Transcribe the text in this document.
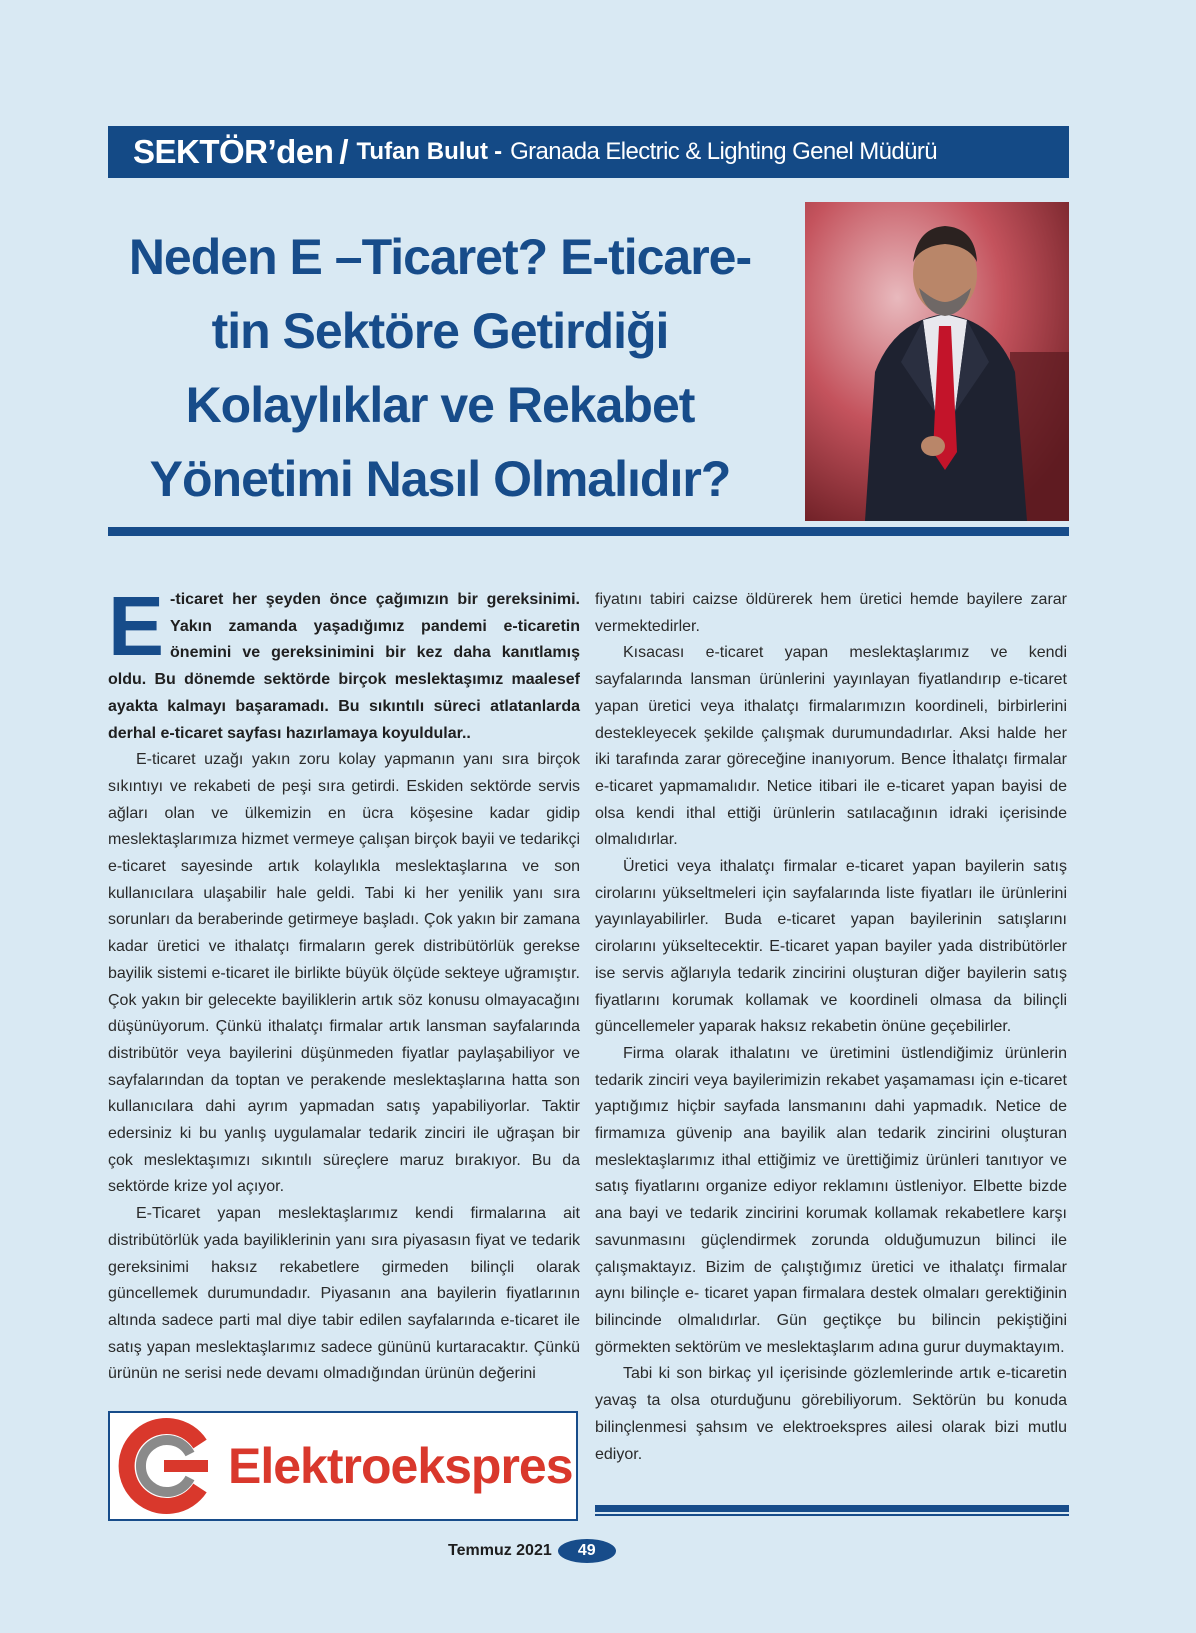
SEKTÖR’den / Tufan Bulut - Granada Electric & Lighting Genel Müdürü
Neden E –Ticaret? E-ticare-
tin Sektöre Getirdiği
Kolaylıklar ve Rekabet
Yönetimi Nasıl Olmalıdır?

E -ticaret her şeyden önce çağımızın bir gereksinimi. Yakın zamanda yaşadığımız pandemi e-ticaretin önemini ve gereksinimini bir kez daha kanıtlamış oldu. Bu dönemde sektörde birçok meslektaşımız maalesef ayakta kalmayı başaramadı. Bu sıkıntılı süreci atlatanlarda derhal e-ticaret sayfası hazırlamaya koyuldular..

E-ticaret uzağı yakın zoru kolay yapmanın yanı sıra birçok sıkıntıyı ve rekabeti de peşi sıra getirdi. Eskiden sektörde servis ağları olan ve ülkemizin en ücra köşesine kadar gidip meslektaşlarımıza hizmet vermeye çalışan birçok bayii ve tedarikçi e-ticaret sayesinde artık kolaylıkla meslektaşlarına ve son kullanıcılara ulaşabilir hale geldi. Tabi ki her yenilik yanı sıra sorunları da beraberinde getirmeye başladı. Çok yakın bir zamana kadar üretici ve ithalatçı firmaların gerek distribütörlük gerekse bayilik sistemi e-ticaret ile birlikte büyük ölçüde sekteye uğramıştır. Çok yakın bir gelecekte bayiliklerin artık söz konusu olmayacağını düşünüyorum. Çünkü ithalatçı firmalar artık lansman sayfalarında distribütör veya bayilerini düşünmeden fiyatlar paylaşabiliyor ve sayfalarından da toptan ve perakende meslektaşlarına hatta son kullanıcılara dahi ayrım yapmadan satış yapabiliyorlar. Taktir edersiniz ki bu yanlış uygulamalar tedarik zinciri ile uğraşan bir çok meslektaşımızı sıkıntılı süreçlere maruz bırakıyor. Bu da sektörde krize yol açıyor.

E-Ticaret yapan meslektaşlarımız kendi firmalarına ait distribütörlük yada bayiliklerinin yanı sıra piyasasın fiyat ve tedarik gereksinimi haksız rekabetlere girmeden bilinçli olarak güncellemek durumundadır. Piyasanın ana bayilerin fiyatlarının altında sadece parti mal diye tabir edilen sayfalarında e-ticaret ile satış yapan meslektaşlarımız sadece gününü kurtaracaktır. Çünkü ürünün ne serisi nede devamı olmadığından ürünün değerini

Elektroekspres

fiyatını tabiri caizse öldürerek hem üretici hemde bayilere zarar vermektedirler.

Kısacası e-ticaret yapan meslektaşlarımız ve kendi sayfalarında lansman ürünlerini yayınlayan fiyatlandırıp e-ticaret yapan üretici veya ithalatçı firmalarımızın koordineli, birbirlerini destekleyecek şekilde çalışmak durumundadırlar. Aksi halde her iki tarafında zarar göreceğine inanıyorum. Bence İthalatçı firmalar e-ticaret yapmamalıdır. Netice itibari ile e-ticaret yapan bayisi de olsa kendi ithal ettiği ürünlerin satılacağının idraki içerisinde olmalıdırlar.

Üretici veya ithalatçı firmalar e-ticaret yapan bayilerin satış cirolarını yükseltmeleri için sayfalarında liste fiyatları ile ürünlerini yayınlayabilirler. Buda e-ticaret yapan bayilerinin satışlarını cirolarını yükseltecektir. E-ticaret yapan bayiler yada distribütörler ise servis ağlarıyla tedarik zincirini oluşturan diğer bayilerin satış fiyatlarını korumak kollamak ve koordineli olmasa da bilinçli güncellemeler yaparak haksız rekabetin önüne geçebilirler.

Firma olarak ithalatını ve üretimini üstlendiğimiz ürünlerin tedarik zinciri veya bayilerimizin rekabet yaşamaması için e-ticaret yaptığımız hiçbir sayfada lansmanını dahi yapmadık. Netice de firmamıza güvenip ana bayilik alan tedarik zincirini oluşturan meslektaşlarımız ithal ettiğimiz ve ürettiğimiz ürünleri tanıtıyor ve satış fiyatlarını organize ediyor reklamını üstleniyor. Elbette bizde ana bayi ve tedarik zincirini korumak kollamak rekabetlere karşı savunmasını güçlendirmek zorunda olduğumuzun bilinci ile çalışmaktayız. Bizim de çalıştığımız üretici ve ithalatçı firmalar aynı bilinçle e- ticaret yapan firmalara destek olmaları gerektiğinin bilincinde olmalıdırlar. Gün geçtikçe bu bilincin pekiştiğini görmekten sektörüm ve meslektaşlarım adına gurur duymaktayım.

Tabi ki son birkaç yıl içerisinde gözlemlerinde artık e-ticaretin yavaş ta olsa oturduğunu görebiliyorum. Sektörün bu konuda bilinçlenmesi şahsım ve elektroekspres ailesi olarak bizi mutlu ediyor.

Temmuz 2021	49
